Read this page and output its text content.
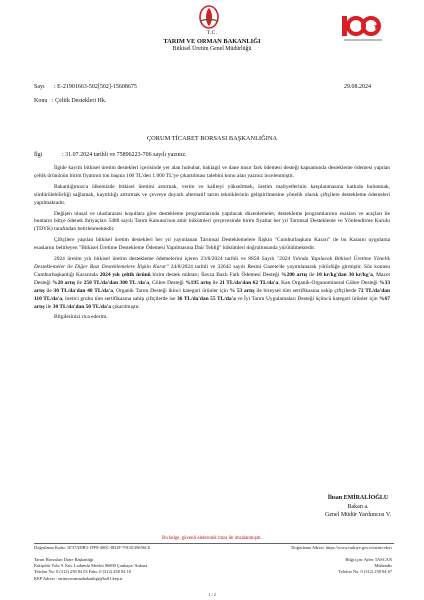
T.C.
TARIM VE ORMAN BAKANLIĞI
Bitkisel Üretim Genel Müdürlüğü
Sayı : E-21901663-502[502]-15608675	29.08.2024
Konu : Çeltik Destekleri Hk.
ÇORUM TİCARET BORSASI BAŞKANLIĞINA
İlgi	: 31.07.2024 tarihli ve 75896223-706 sayılı yazınız.

İlgide kayıtlı bitkisel üretim destekleri içerisinde yer alan hububat, baklagil ve dane mısır fark ödemesi desteği kapsamında destekleme ödemesi yapılan çeltik ürününün birim fiyatının ton başına 100 TL'den 1.000 TL'ye çıkartılması talebini konu alan yazınız incelenmiştir.

Bakanlığımızca ülkemizde bitkisel üretimi artırmak, verim ve kaliteyi yükseltmek, üretim maliyetlerinin karşılanmasına katkıda bulunmak, sürdürülebilirliği sağlamak, kayıtlılığı arttırmak ve çevreye duyarlı alternatif tarım tekniklerinin geliştirilmesine yönelik olarak çiftçilere destekleme ödemeleri yapılmaktadır.

Değişen ulusal ve uluslararası koşullara göre destekleme programlarında yapılacak düzenlemeler, destekleme programlarının esasları ve araçları ile bunların bütçe ödenek ihtiyaçları 5488 sayılı Tarım Kanunu'nun amir hükümleri çerçevesinde birim fiyatlar her yıl Tarımsal Destekleme ve Yönlendirme Kurulu (TDYK) tarafından belirlenmektedir.

Çiftçilere yapılan bitkisel üretim destekleri her yıl yayınlanan Tarımsal Desteklemelere İlişkin "Cumhurbaşkanı Kararı" ile bu Kararın uygulama esaslarını belirleyen "Bitkisel Üretime Destekleme Ödemesi Yapılmasına Dair Tebliğ" hükümleri doğrultusunda yürütülmektedir.

2024 üretim yılı bitkisel üretim destekleme ödemelerini içeren 23/8/2024 tarihli ve 8858 Sayılı "2024 Yılında Yapılacak Bitkisel Üretime Yönelik Desteklemeler ile Diğer Bazı Desteklemelere İlişkin Karar" 24/8/2024 tarihli ve 32642 sayılı Resmi Gazete'de yayımlanarak yürürlüğe girmiştir. Söz konusu Cumhurbaşkanlığı Kararında 2024 yılı çeltik ürünü birim destek miktarı; İlavza Bazlı Fark Ödemesi Desteği %200 artış ile 10 kr/kg'dan 30 kr/kg'a, Mazot Desteği %20 artış ile 250 TL/da'dan 300 TL /da'a, Gübre Desteği %195 artış ile 21 TL/da'dan 62 TL/da'a, Katı Organik-Organomineral Gübre Desteği %33 artış ile 30 TL/da'dan 40 TL/da'a, Organik Tarım Desteği ikinci kategori ürünler için % 53 artış ile bireysel tüm sertifikasına sahip çiftçilerde 72 TL/da'dan 110 TL/da'a, üretici grubu tüm sertifikasına sahip çiftçilerde ise 36 TL/da'dan 55 TL/da'a ve İyi Tarım Uygulamaları Desteği üçüncü kategori ürünler için %67 artış ile 30 TL/da'dan 50 TL/da'a çıkarılmıştır.

Bilgilerinizi rica ederim.

İhsan EMİRALİOĞLU
Bakan a.
Genel Müdür Yardımcısı V.
Bu belge, güvenli elektronik imza ile imzalanmıştır.
Doğrulama Kodu: 1E37ADB3-1FF8-400C-8D2F-79C0138656C0	Doğrulama Adresi: https://www.turkiye.gov.tr/tarim-ebys
Tarım Havzaları Daire Başkanlığı
Eskişehir Yolu 9. Km. Lodumlu Mevkii 06800 Çankaya/ Ankara
Telefon No: 0 (312) 258 84 03 Faks: 0 (312) 258 84 18
KEP Adresi : tarimveormanbakanligi@hs01.kep.tr
Bilgi için: Ayfer TASCAN
Mühendis
Telefon No: 0 (312) 258 84 67
1 / 2
